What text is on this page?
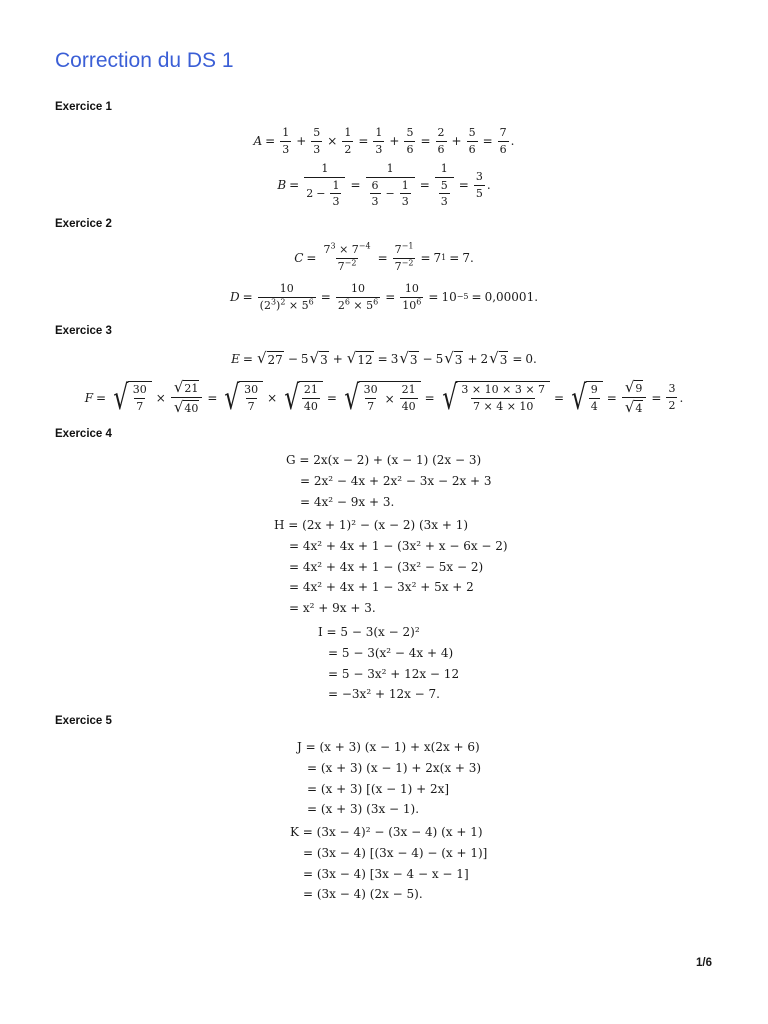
Correction du DS 1
Exercice 1
$A = \frac{1}{3} + \frac{5}{3} \times \frac{1}{2} = \frac{1}{3} + \frac{5}{6} = \frac{2}{6} + \frac{5}{6} = \frac{7}{6}$ .
$B = \frac{1}{2 - \frac{1}{3}} = \frac{1}{\frac{6}{3} - \frac{1}{3}} = \frac{1}{\frac{5}{3}} = \frac{3}{5}$ .
Exercice 2
$C = \frac{7^3 \times 7^{-4}}{7^{-2}} = \frac{7^{-1}}{7^{-2}} = 7$ 1 = 7.
$D = \frac{10}{(2^3)^2 \times 5^6} = \frac{10}{2^6 \times 5^6} = \frac{10}{10^6} = 10 -5 = 0,00001$.
Exercice 3
E = √ 27 − 5 √ 3 + √ 12 = 3 √ 3 − 5 √ 3 + 2 √ 3 = 0.
F = √ $\frac{30}{7} \times \frac{√ 21}{√ 40}$ = √ $\frac{30}{7}$ × √ $\frac{21}{40}$ = √ $\frac{30}{7} \times \frac{21}{40}$ = √ $\frac{3 \times 10 \times 3 \times 7}{7 \times 4 \times 10}$ = √ $\frac{9}{4} = \frac{√ 9}{√ 4} = \frac{3}{2}$ .
Exercice 4
G = 2x(x − 2) + (x − 1) (2x − 3)
= 2x² − 4x + 2x² − 3x − 2x + 3
= 4x² − 9x + 3.
H = (2x + 1)² − (x − 2) (3x + 1)
= 4x² + 4x + 1 − (3x² + x − 6x − 2)
= 4x² + 4x + 1 − (3x² − 5x − 2)
= 4x² + 4x + 1 − 3x² + 5x + 2
= x² + 9x + 3.
I = 5 − 3(x − 2)²
= 5 − 3(x² − 4x + 4)
= 5 − 3x² + 12x − 12
= −3x² + 12x − 7.
Exercice 5
J = (x + 3) (x − 1) + x(2x + 6)
= (x + 3) (x − 1) + 2x(x + 3)
= (x + 3) [(x − 1) + 2x]
= (x + 3) (3x − 1).
K = (3x − 4)² − (3x − 4) (x + 1)
= (3x − 4) [(3x − 4) − (x + 1)]
= (3x − 4) [3x − 4 − x − 1]
= (3x − 4) (2x − 5).
1/6
